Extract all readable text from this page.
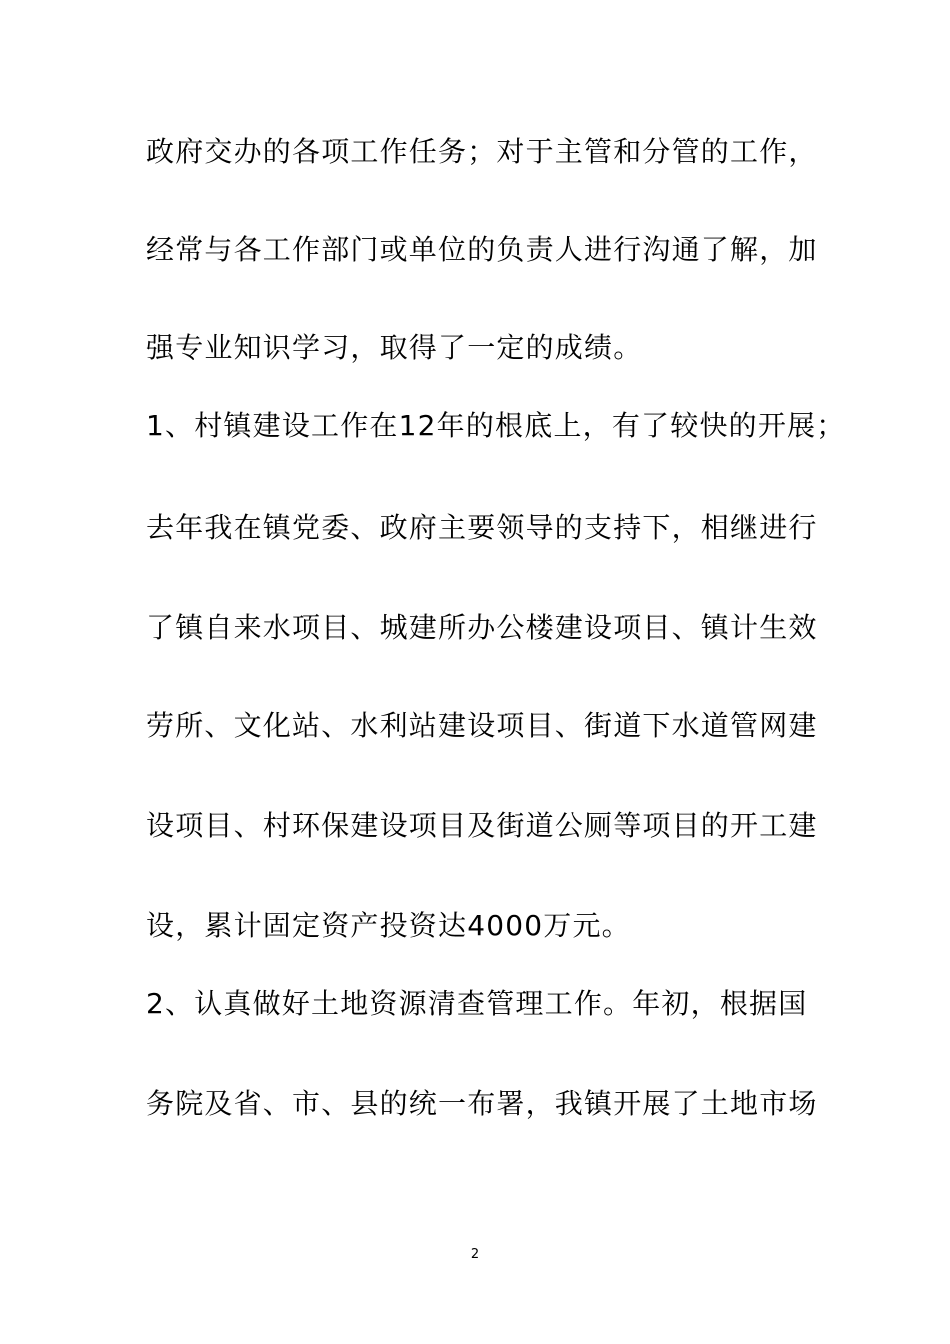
政府交办的各项工作任务；对于主管和分管的工作，
经常与各工作部门或单位的负责人进行沟通了解，加
强专业知识学习，取得了一定的成绩。
1、村镇建设工作在12年的根底上，有了较快的开展；
去年我在镇党委、政府主要领导的支持下，相继进行
了镇自来水项目、城建所办公楼建设项目、镇计生效
劳所、文化站、水利站建设项目、街道下水道管网建
设项目、村环保建设项目及街道公厕等项目的开工建
设，累计固定资产投资达4000万元。
2、认真做好土地资源清查管理工作。年初，根据国
务院及省、市、县的统一布署，我镇开展了土地市场
2
